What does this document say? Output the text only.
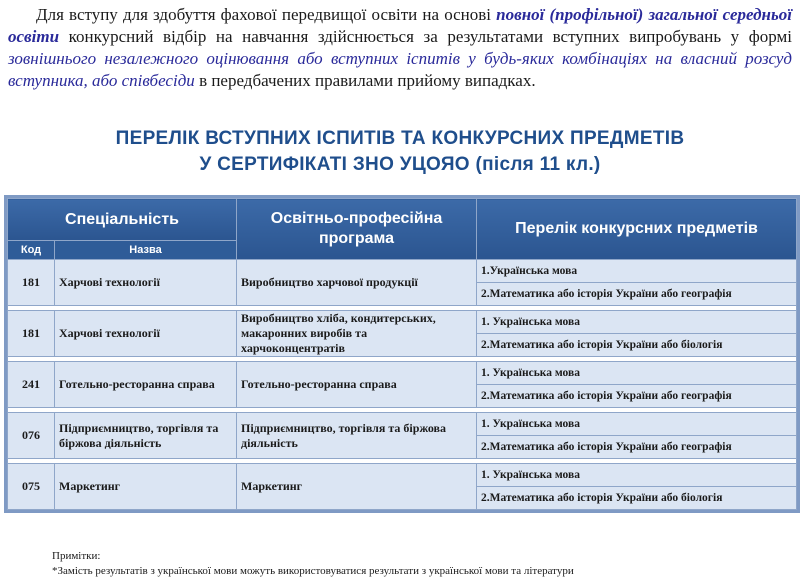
Для вступу для здобуття фахової передвищої освіти на основі повної (профільної) загальної середньої освіти конкурсний відбір на навчання здійснюється за результатами вступних випробувань у формі зовнішнього незалежного оцінювання або вступних іспитів у будь-яких комбінаціях на власний розсуд вступника, або співбесіди в передбачених правилами прийому випадках.
ПЕРЕЛІК ВСТУПНИХ ІСПИТІВ ТА КОНКУРСНИХ ПРЕДМЕТІВ
У СЕРТИФІКАТІ ЗНО УЦОЯО (після 11 кл.)
Спеціальність		Освітньо-професійна програма	Перелік конкурсних предметів
Код	Назва		
181	Харчові технології	Виробництво харчової продукції	1.Українська мова
			2.Математика або історія України або географія

181	Харчові технології	Виробництво хліба, кондитерських, макаронних виробів та харчоконцентратів	1. Українська мова
			2.Математика або історія України або біологія

241	Готельно-ресторанна справа	Готельно-ресторанна справа	1. Українська мова
			2.Математика або історія України або географія

076	Підприємництво, торгівля та біржова діяльність	Підприємництво, торгівля та біржова діяльність	1. Українська мова
			2.Математика або історія України або географія

075	Маркетинг	Маркетинг	1. Українська мова
			2.Математика або історія України або біологія
Примітки:
*Замість результатів з української мови можуть використовуватися результати з української мови та літератури
